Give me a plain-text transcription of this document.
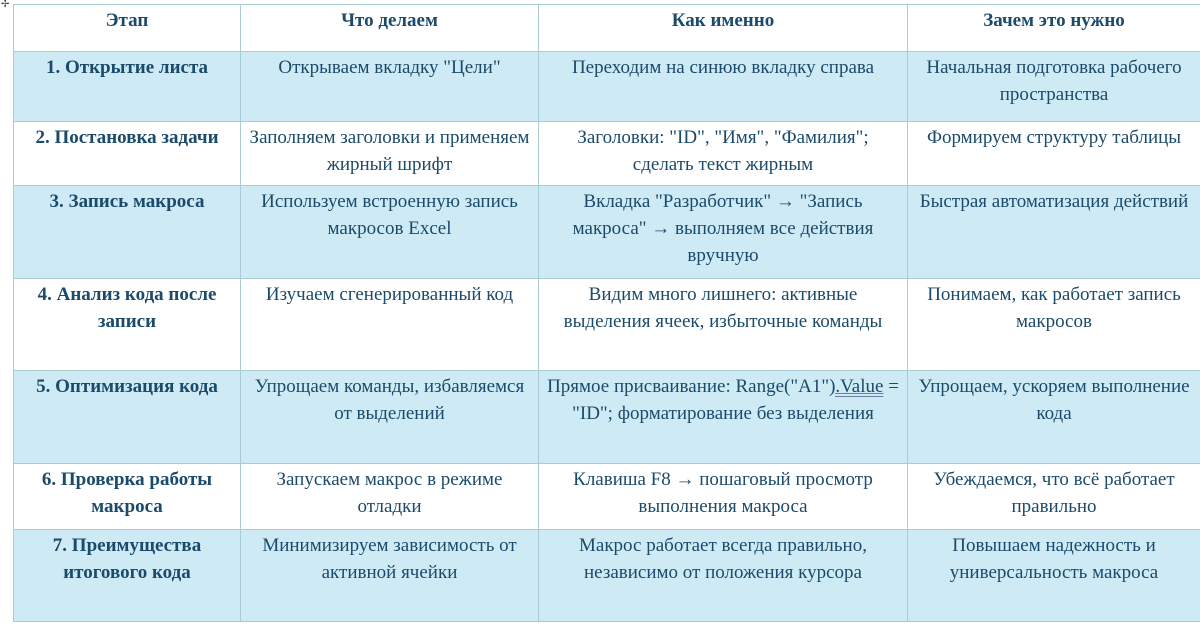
✢
Этап	Что делаем	Как именно	Зачем это нужно
1. Открытие листа	Открываем вкладку "Цели"	Переходим на синюю вкладку справа	Начальная подготовка рабочего пространства
2. Постановка задачи	Заполняем заголовки и применяем жирный шрифт	Заголовки: "ID", "Имя", "Фамилия"; сделать текст жирным	Формируем структуру таблицы
3. Запись макроса	Используем встроенную запись макросов Excel	Вкладка "Разработчик" → "Запись макроса" → выполняем все действия вручную	Быстрая автоматизация действий
4. Анализ кода после записи	Изучаем сгенерированный код	Видим много лишнего: активные выделения ячеек, избыточные команды	Понимаем, как работает запись макросов
5. Оптимизация кода	Упрощаем команды, избавляемся от выделений	Прямое присваивание: Range("A1").Value = "ID"; форматирование без выделения	Упрощаем, ускоряем выполнение кода
6. Проверка работы макроса	Запускаем макрос в режиме отладки	Клавиша F8 → пошаговый просмотр выполнения макроса	Убеждаемся, что всё работает правильно
7. Преимущества итогового кода	Минимизируем зависимость от активной ячейки	Макрос работает всегда правильно, независимо от положения курсора	Повышаем надежность и универсальность макроса
